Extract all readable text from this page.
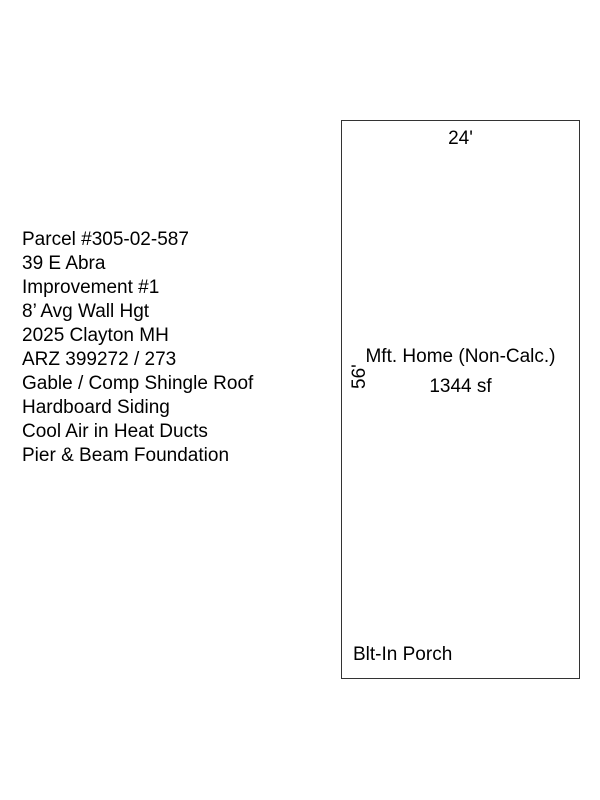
Parcel #305-02-587
39 E Abra
Improvement #1
8’ Avg Wall Hgt
2025 Clayton MH
ARZ 399272 / 273
Gable / Comp Shingle Roof
Hardboard Siding
Cool Air in Heat Ducts
Pier & Beam Foundation
24'
56'
Mft. Home (Non-Calc.)
1344 sf
Blt-In Porch
